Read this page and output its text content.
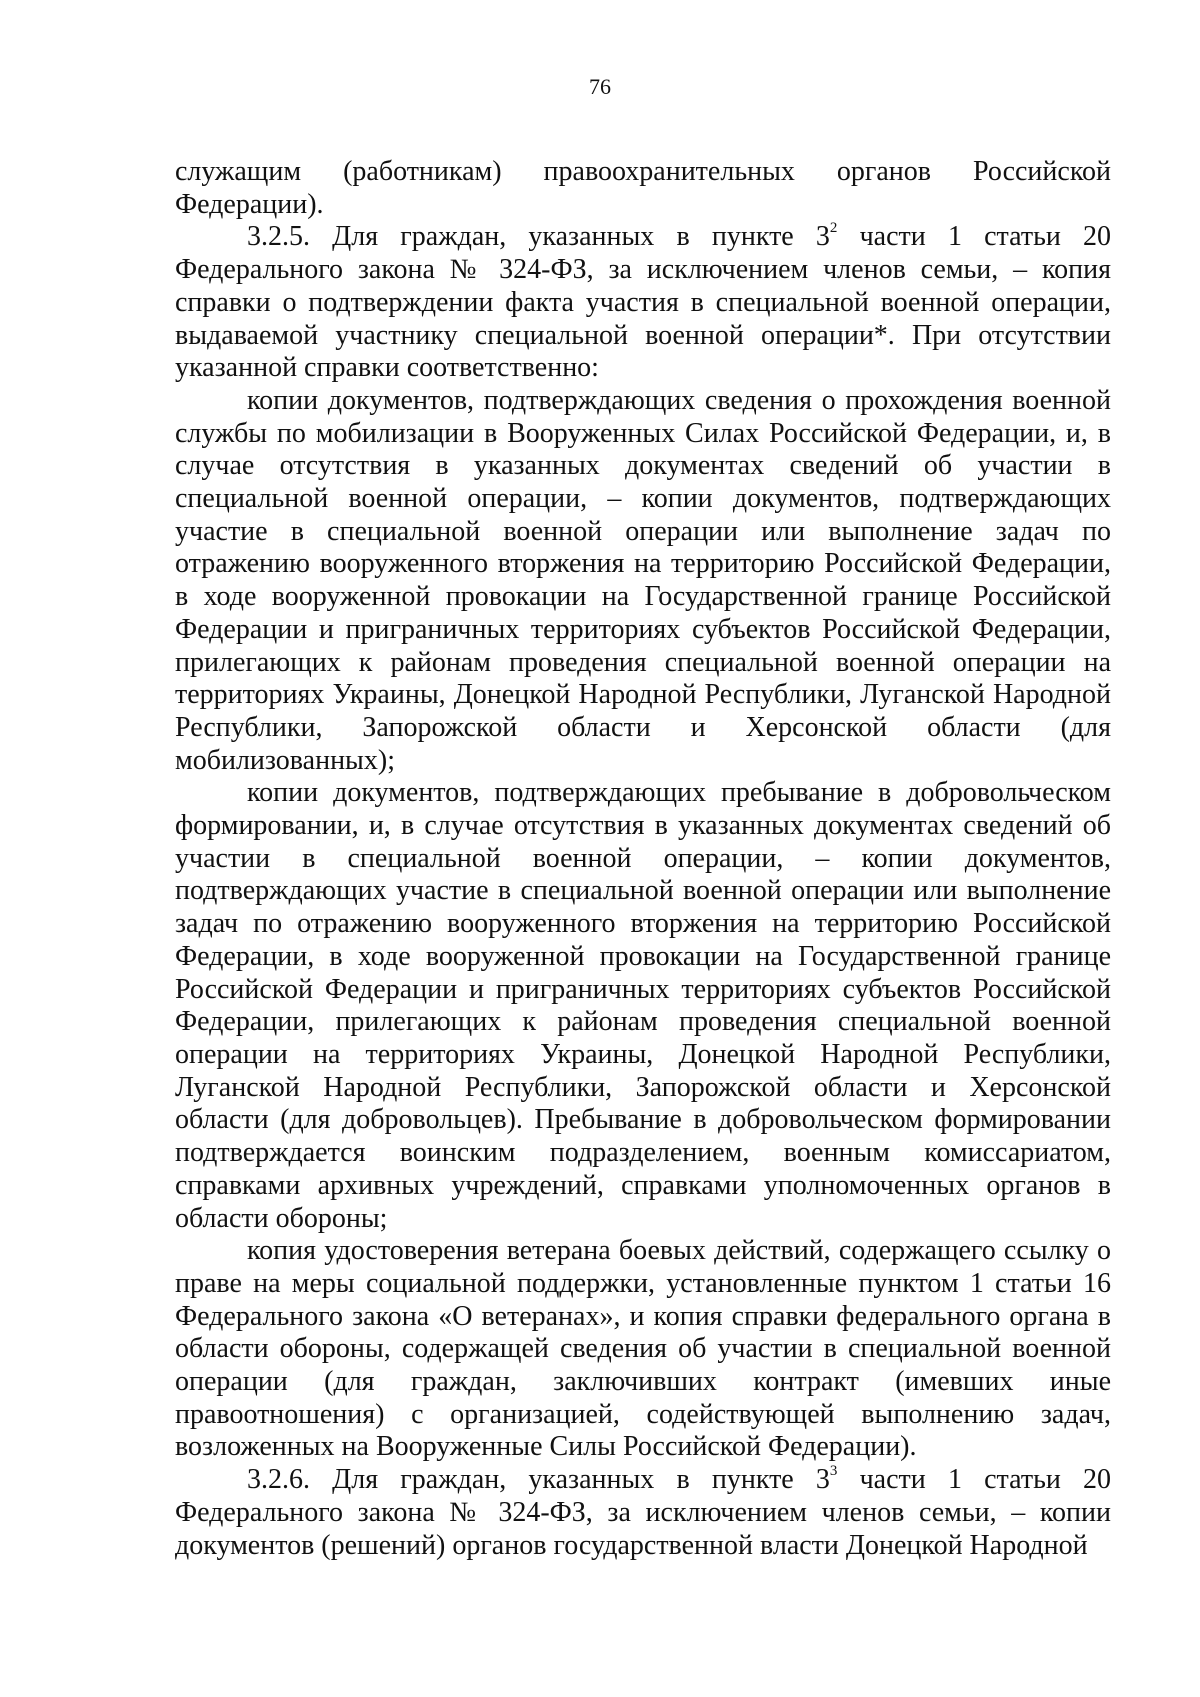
76

служащим (работникам) правоохранительных органов Российской Федерации).

3.2.5. Для граждан, указанных в пункте $3^2$ части 1 статьи 20 Федерального закона № 324-ФЗ, за исключением членов семьи, – копия справки о подтверждении факта участия в специальной военной операции, выдаваемой участнику специальной военной операции*. При отсутствии указанной справки соответственно:

копии документов, подтверждающих сведения о прохождения военной службы по мобилизации в Вооруженных Силах Российской Федерации, и, в случае отсутствия в указанных документах сведений об участии в специальной военной операции, – копии документов, подтверждающих участие в специальной военной операции или выполнение задач по отражению вооруженного вторжения на территорию Российской Федерации, в ходе вооруженной провокации на Государственной границе Российской Федерации и приграничных территориях субъектов Российской Федерации, прилегающих к районам проведения специальной военной операции на территориях Украины, Донецкой Народной Республики, Луганской Народной Республики, Запорожской области и Херсонской области (для мобилизованных);

копии документов, подтверждающих пребывание в добровольческом формировании, и, в случае отсутствия в указанных документах сведений об участии в специальной военной операции, – копии документов, подтверждающих участие в специальной военной операции или выполнение задач по отражению вооруженного вторжения на территорию Российской Федерации, в ходе вооруженной провокации на Государственной границе Российской Федерации и приграничных территориях субъектов Российской Федерации, прилегающих к районам проведения специальной военной операции на территориях Украины, Донецкой Народной Республики, Луганской Народной Республики, Запорожской области и Херсонской области (для добровольцев). Пребывание в добровольческом формировании подтверждается воинским подразделением, военным комиссариатом, справками архивных учреждений, справками уполномоченных органов в области обороны;

копия удостоверения ветерана боевых действий, содержащего ссылку о праве на меры социальной поддержки, установленные пунктом 1 статьи 16 Федерального закона «О ветеранах», и копия справки федерального органа в области обороны, содержащей сведения об участии в специальной военной операции (для граждан, заключивших контракт (имевших иные правоотношения) с организацией, содействующей выполнению задач, возложенных на Вооруженные Силы Российской Федерации).

3.2.6. Для граждан, указанных в пункте $3^3$ части 1 статьи 20 Федерального закона № 324-ФЗ, за исключением членов семьи, – копии документов (решений) органов государственной власти Донецкой Народной
